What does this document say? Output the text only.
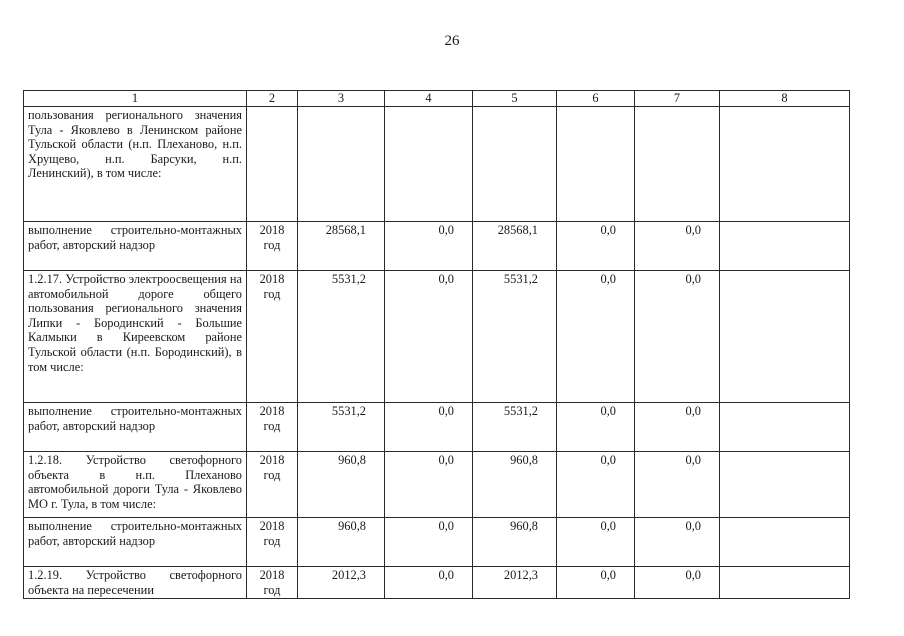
26
1	2	3	4	5	6	7	8
пользования регионального значения Тула - Яковлево в Ленинском районе Тульской области (н.п. Плеханово, н.п. Хрущево, н.п. Барсуки, н.п. Ленинский), в том числе:							
выполнение строительно-монтажных работ, авторский надзор	2018 год	28568,1	0,0	28568,1	0,0	0,0	
1.2.17. Устройство электроосвещения на автомобильной дороге общего пользования регионального значения Липки - Бородинский - Большие Калмыки в Киреевском районе Тульской области (н.п. Бородинский), в том числе:	2018 год	5531,2	0,0	5531,2	0,0	0,0	
выполнение строительно-монтажных работ, авторский надзор	2018 год	5531,2	0,0	5531,2	0,0	0,0	
1.2.18. Устройство светофорного объекта в н.п. Плеханово автомобильной дороги Тула - Яковлево МО г. Тула, в том числе:	2018 год	960,8	0,0	960,8	0,0	0,0	
выполнение строительно-монтажных работ, авторский надзор	2018 год	960,8	0,0	960,8	0,0	0,0	
1.2.19. Устройство светофорного объекта на пересечении	2018 год	2012,3	0,0	2012,3	0,0	0,0	
